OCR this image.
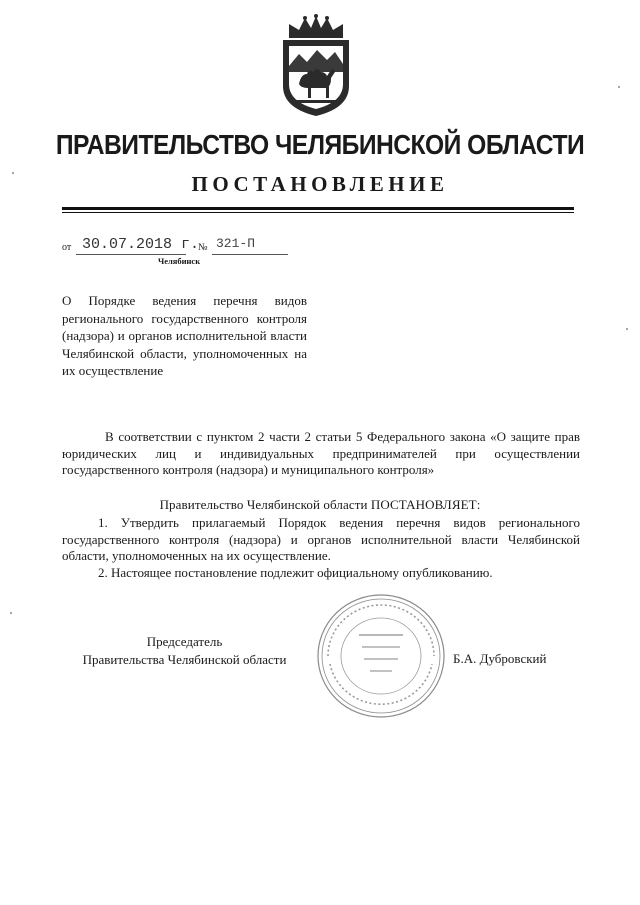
ПРАВИТЕЛЬСТВО ЧЕЛЯБИНСКОЙ ОБЛАСТИ
ПОСТАНОВЛЕНИЕ
от 30.07.2018 г.
№ 321-П
Челябинск
О Порядке ведения перечня видов регионального государственного контроля (надзора) и органов исполнительной власти Челябинской области, уполномоченных на их осуществление
В соответствии с пунктом 2 части 2 статьи 5 Федерального закона «О защите прав юридических лиц и индивидуальных предпринимателей при осуществлении государственного контроля (надзора) и муниципального контроля»
Правительство Челябинской области ПОСТАНОВЛЯЕТ:
1. Утвердить прилагаемый Порядок ведения перечня видов регионального государственного контроля (надзора) и органов исполнительной власти Челябинской области, уполномоченных на их осуществление.
2. Настоящее постановление подлежит официальному опубликованию.
Председатель
Правительства Челябинской области	Б.А. Дубровский
